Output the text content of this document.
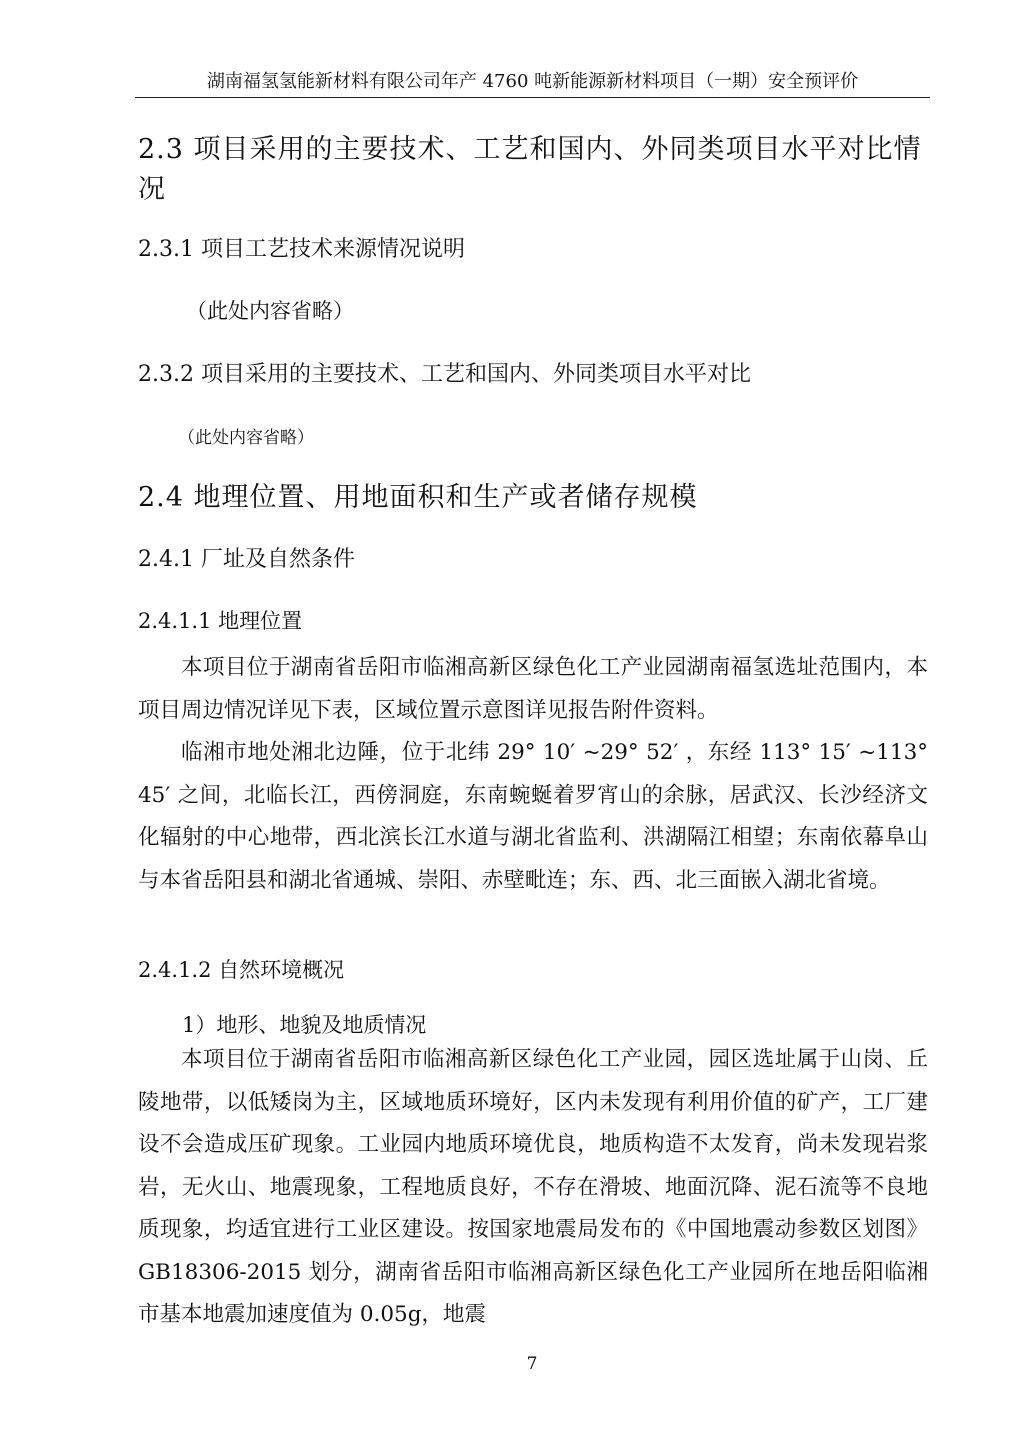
湖南福氢氢能新材料有限公司年产 4760 吨新能源新材料项目（一期）安全预评价
2.3 项目采用的主要技术、工艺和国内、外同类项目水平对比情况
2.3.1 项目工艺技术来源情况说明

（此处内容省略）

2.3.2 项目采用的主要技术、工艺和国内、外同类项目水平对比

（此处内容省略）

2.4 地理位置、用地面积和生产或者储存规模
2.4.1 厂址及自然条件
2.4.1.1 地理位置

本项目位于湖南省岳阳市临湘高新区绿色化工产业园湖南福氢选址范围内，本项目周边情况详见下表，区域位置示意图详见报告附件资料。

临湘市地处湘北边陲，位于北纬 29° 10′ ~29° 52′ ，东经 113° 15′ ~113° 45′ 之间，北临长江，西傍洞庭，东南蜿蜒着罗宵山的余脉，居武汉、长沙经济文化辐射的中心地带，西北滨长江水道与湖北省监利、洪湖隔江相望；东南依幕阜山与本省岳阳县和湖北省通城、崇阳、赤壁毗连；东、西、北三面嵌入湖北省境。

2.4.1.2 自然环境概况

1）地形、地貌及地质情况

本项目位于湖南省岳阳市临湘高新区绿色化工产业园，园区选址属于山岗、丘陵地带，以低矮岗为主，区域地质环境好，区内未发现有利用价值的矿产，工厂建设不会造成压矿现象。工业园内地质环境优良，地质构造不太发育，尚未发现岩浆岩，无火山、地震现象，工程地质良好，不存在滑坡、地面沉降、泥石流等不良地质现象，均适宜进行工业区建设。按国家地震局发布的《中国地震动参数区划图》GB18306-2015 划分，湖南省岳阳市临湘高新区绿色化工产业园所在地岳阳临湘市基本地震加速度值为 0.05g，地震

7
